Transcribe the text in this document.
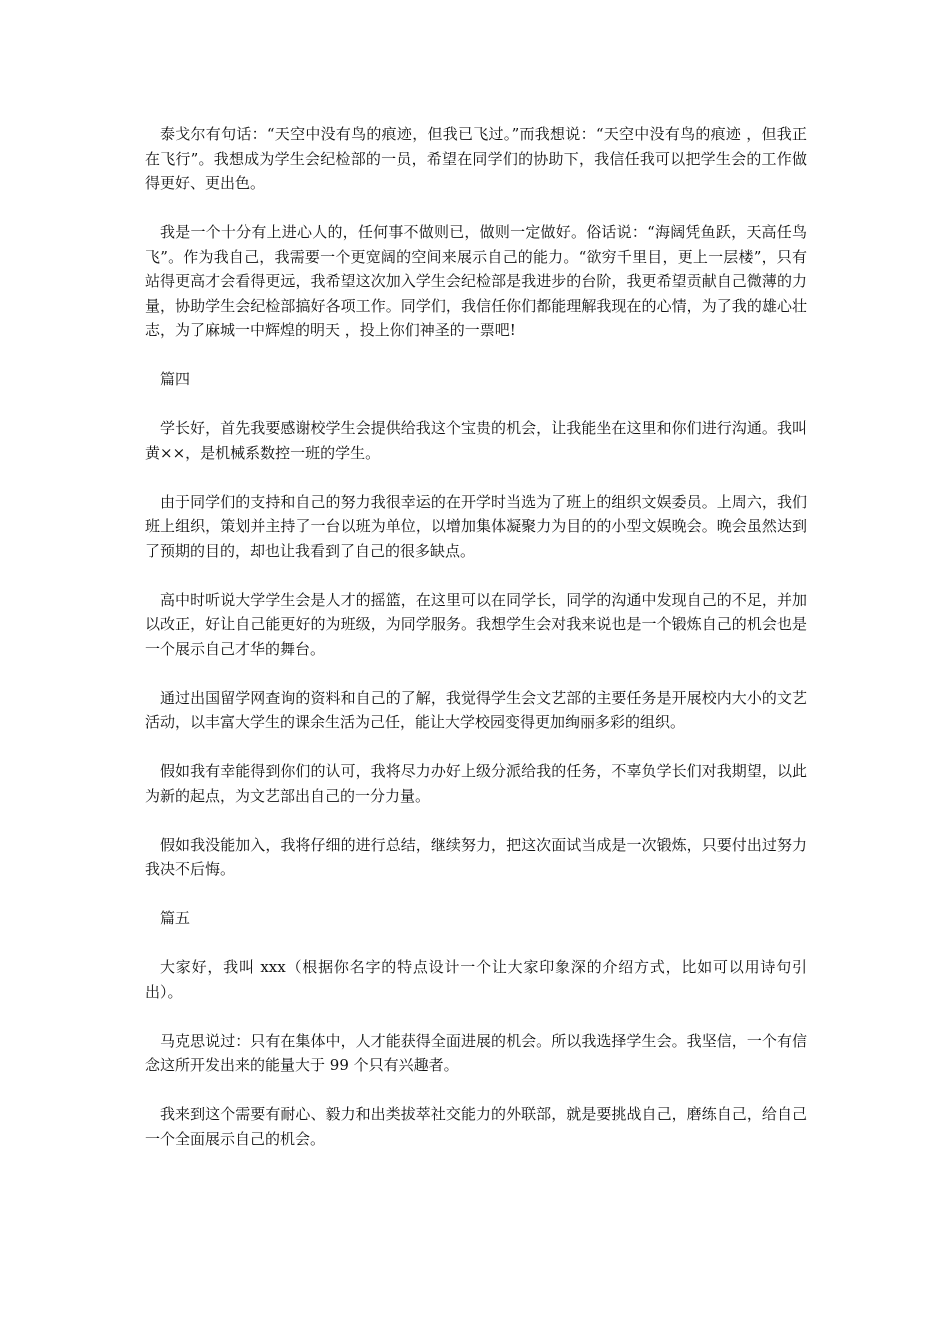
泰戈尔有句话：“天空中没有鸟的痕迹，但我已飞过。”而我想说：“天空中没有鸟的痕迹 ，但我正在飞行”。我想成为学生会纪检部的一员，希望在同学们的协助下，我信任我可以把学生会的工作做得更好、更出色。

我是一个十分有上进心人的，任何事不做则已，做则一定做好。俗话说：“海阔凭鱼跃，天高任鸟飞”。作为我自己，我需要一个更宽阔的空间来展示自己的能力。“欲穷千里目，更上一层楼”，只有站得更高才会看得更远，我希望这次加入学生会纪检部是我进步的台阶，我更希望贡献自己微薄的力量，协助学生会纪检部搞好各项工作。同学们，我信任你们都能理解我现在的心情，为了我的雄心壮志，为了麻城一中辉煌的明天 ，投上你们神圣的一票吧!

篇四

学长好，首先我要感谢校学生会提供给我这个宝贵的机会，让我能坐在这里和你们进行沟通。我叫黄××，是机械系数控一班的学生。

由于同学们的支持和自己的努力我很幸运的在开学时当选为了班上的组织文娱委员。上周六，我们班上组织，策划并主持了一台以班为单位，以增加集体凝聚力为目的的小型文娱晚会。晚会虽然达到了预期的目的，却也让我看到了自己的很多缺点。

高中时听说大学学生会是人才的摇篮，在这里可以在同学长，同学的沟通中发现自己的不足，并加以改正，好让自己能更好的为班级，为同学服务。我想学生会对我来说也是一个锻炼自己的机会也是一个展示自己才华的舞台。

通过出国留学网查询的资料和自己的了解，我觉得学生会文艺部的主要任务是开展校内大小的文艺活动，以丰富大学生的课余生活为己任，能让大学校园变得更加绚丽多彩的组织。

假如我有幸能得到你们的认可，我将尽力办好上级分派给我的任务，不辜负学长们对我期望，以此为新的起点，为文艺部出自己的一分力量。

假如我没能加入，我将仔细的进行总结，继续努力，把这次面试当成是一次锻炼，只要付出过努力我决不后悔。

篇五

大家好，我叫 xxx（根据你名字的特点设计一个让大家印象深的介绍方式，比如可以用诗句引出）。

马克思说过：只有在集体中，人才能获得全面进展的机会。所以我选择学生会。我坚信，一个有信念这所开发出来的能量大于 99 个只有兴趣者。

我来到这个需要有耐心、毅力和出类拔萃社交能力的外联部，就是要挑战自己，磨练自己，给自己一个全面展示自己的机会。
